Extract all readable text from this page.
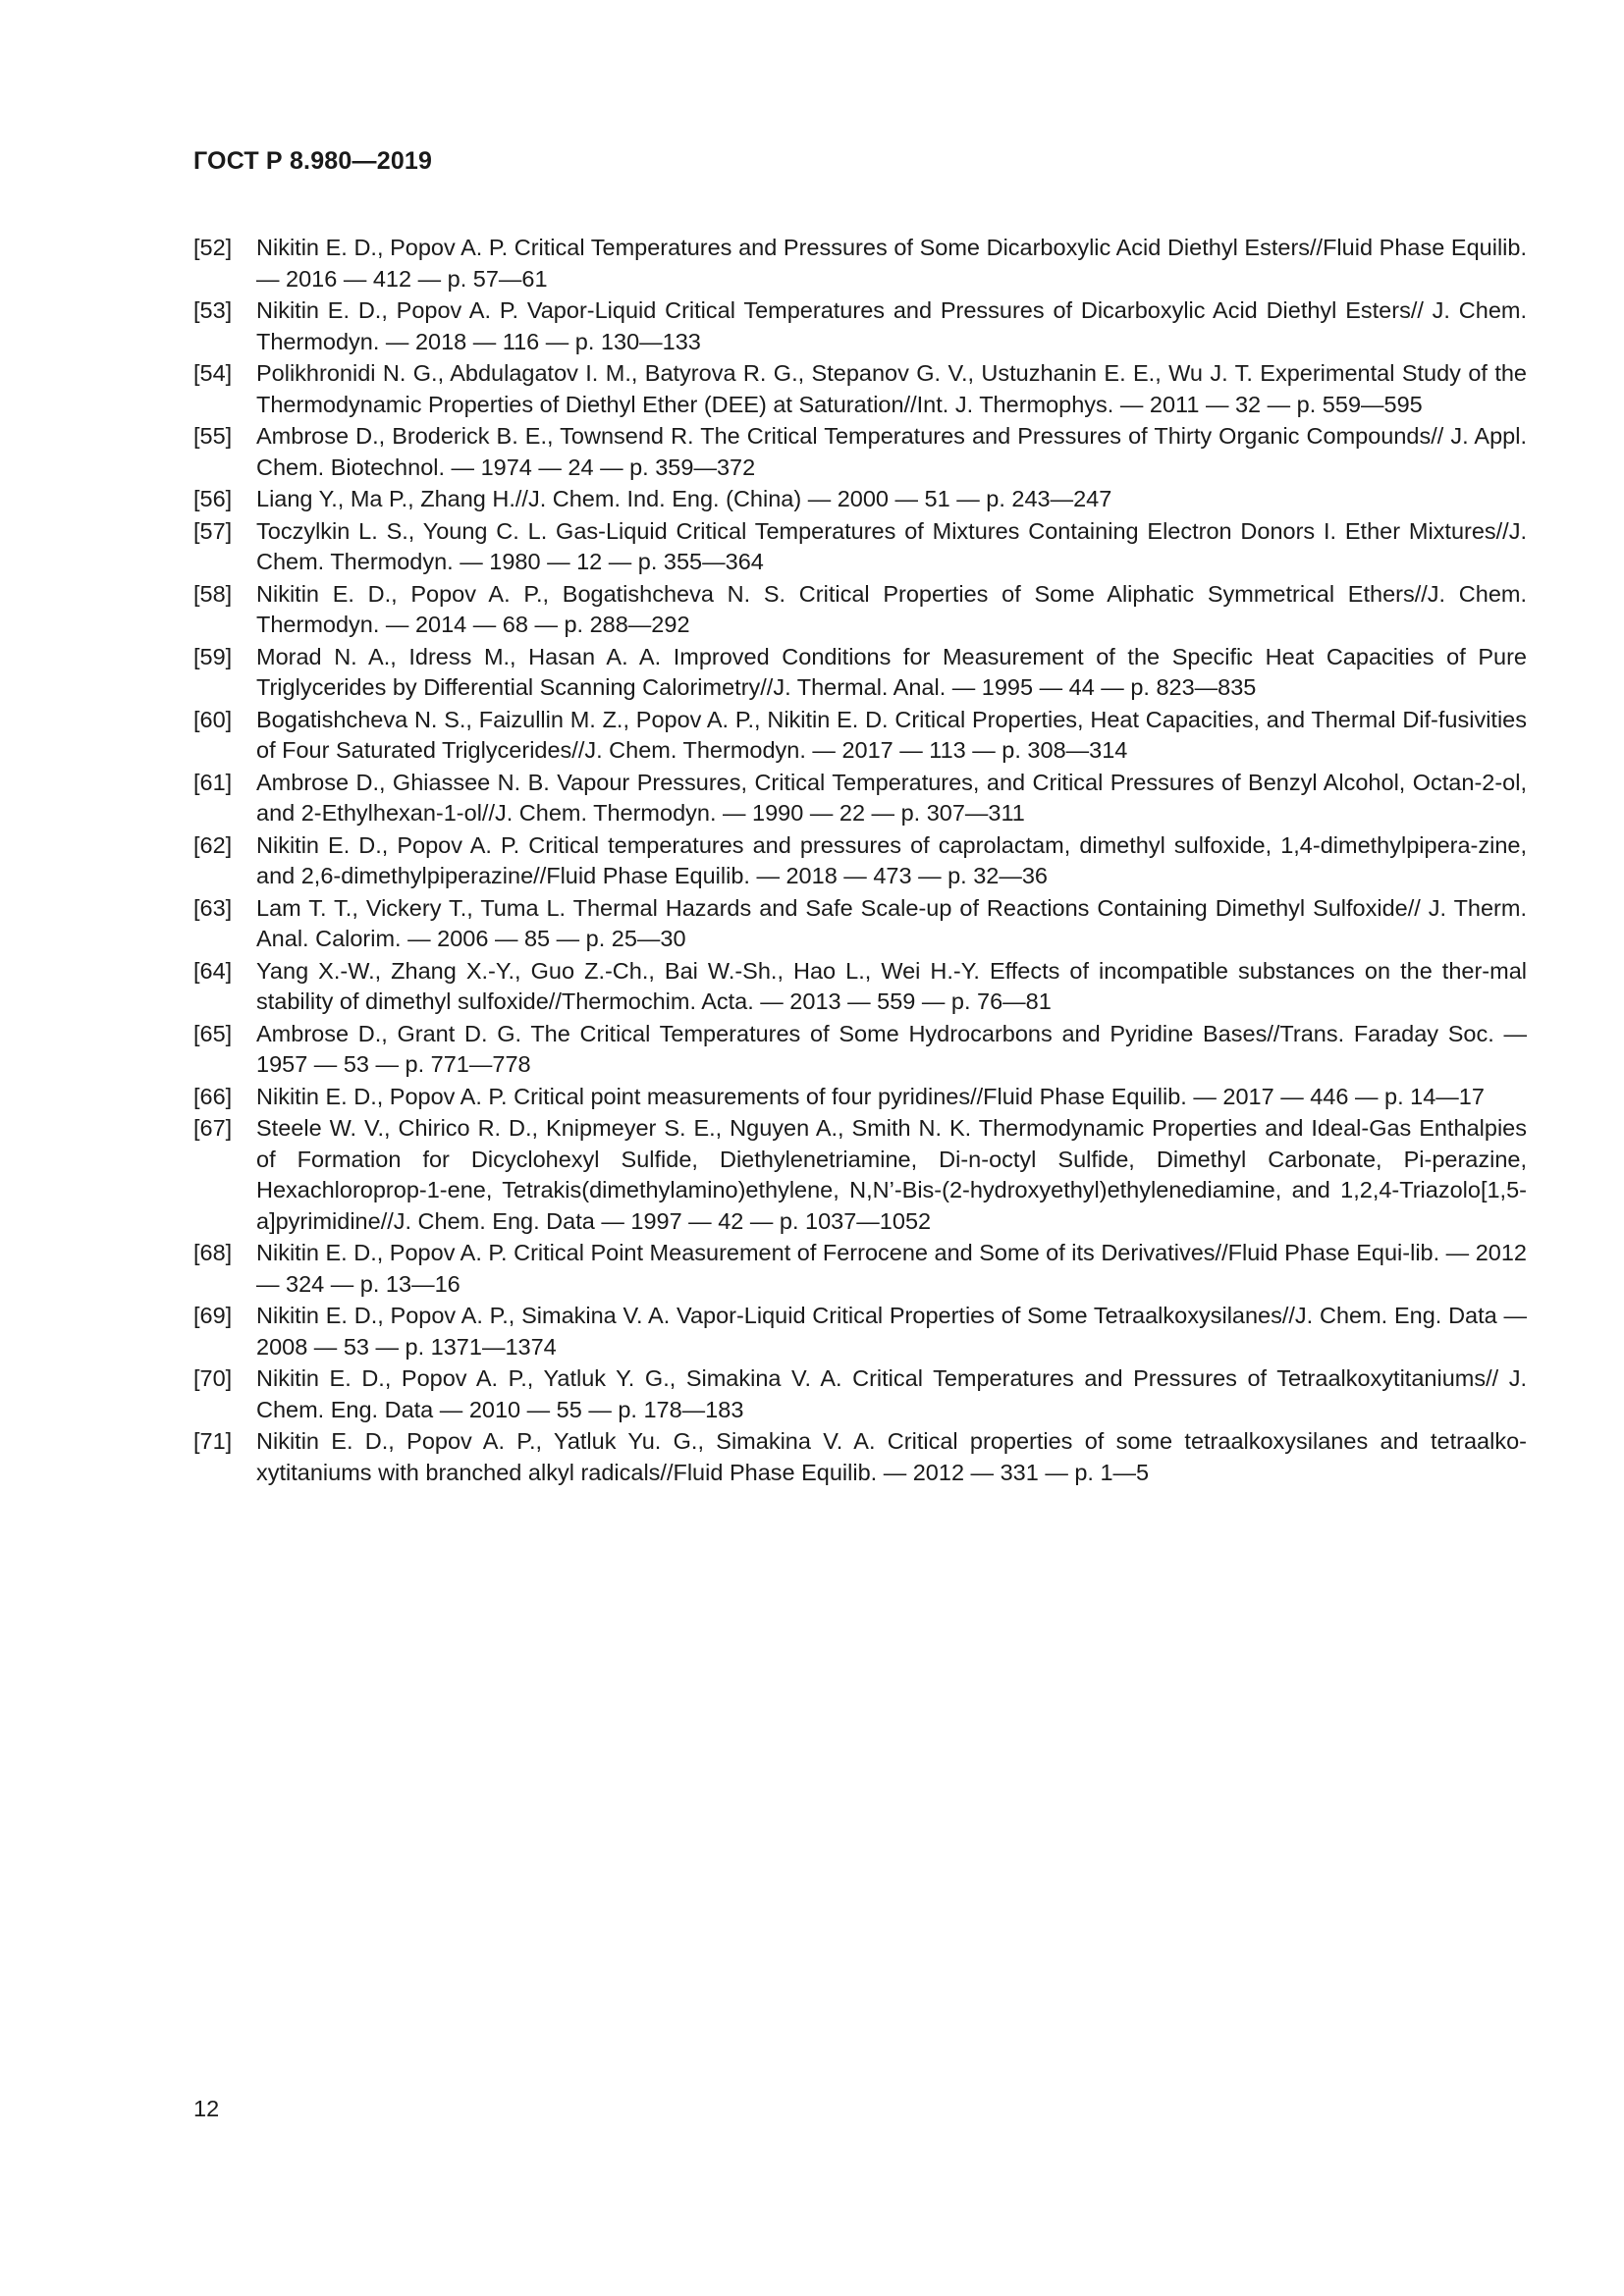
ГОСТ Р 8.980—2019
[52]	Nikitin E. D., Popov A. P. Critical Temperatures and Pressures of Some Dicarboxylic Acid Diethyl Esters//Fluid Phase Equilib. — 2016 — 412 — p. 57—61
[53]	Nikitin E. D., Popov A. P. Vapor-Liquid Critical Temperatures and Pressures of Dicarboxylic Acid Diethyl Esters// J. Chem. Thermodyn. — 2018 — 116 — p. 130—133
[54]	Polikhronidi N. G., Abdulagatov I. M., Batyrova R. G., Stepanov G. V., Ustuzhanin E. E., Wu J. T. Experimental Study of the Thermodynamic Properties of Diethyl Ether (DEE) at Saturation//Int. J. Thermophys. — 2011 — 32 — p. 559—595
[55]	Ambrose D., Broderick B. E., Townsend R. The Critical Temperatures and Pressures of Thirty Organic Compounds// J. Appl. Chem. Biotechnol. — 1974 — 24 — p. 359—372
[56]	Liang Y., Ma P., Zhang H.//J. Chem. Ind. Eng. (China) — 2000 — 51 — p. 243—247
[57]	Toczylkin L. S., Young C. L. Gas-Liquid Critical Temperatures of Mixtures Containing Electron Donors I. Ether Mixtures//J. Chem. Thermodyn. — 1980 — 12 — p. 355—364
[58]	Nikitin E. D., Popov A. P., Bogatishcheva N. S. Critical Properties of Some Aliphatic Symmetrical Ethers//J. Chem. Thermodyn. — 2014 — 68 — p. 288—292
[59]	Morad N. A., Idress M., Hasan A. A. Improved Conditions for Measurement of the Specific Heat Capacities of Pure Triglycerides by Differential Scanning Calorimetry//J. Thermal. Anal. — 1995 — 44 — p. 823—835
[60]	Bogatishcheva N. S., Faizullin M. Z., Popov A. P., Nikitin E. D. Critical Properties, Heat Capacities, and Thermal Dif-fusivities of Four Saturated Triglycerides//J. Chem. Thermodyn. — 2017 — 113 — p. 308—314
[61]	Ambrose D., Ghiassee N. B. Vapour Pressures, Critical Temperatures, and Critical Pressures of Benzyl Alcohol, Octan-2-ol, and 2-Ethylhexan-1-ol//J. Chem. Thermodyn. — 1990 — 22 — p. 307—311
[62]	Nikitin E. D., Popov A. P. Critical temperatures and pressures of caprolactam, dimethyl sulfoxide, 1,4-dimethylpipera-zine, and 2,6-dimethylpiperazine//Fluid Phase Equilib. — 2018 — 473 — p. 32—36
[63]	Lam T. T., Vickery T., Tuma L. Thermal Hazards and Safe Scale-up of Reactions Containing Dimethyl Sulfoxide// J. Therm. Anal. Calorim. — 2006 — 85 — p. 25—30
[64]	Yang X.-W., Zhang X.-Y., Guo Z.-Ch., Bai W.-Sh., Hao L., Wei H.-Y. Effects of incompatible substances on the ther-mal stability of dimethyl sulfoxide//Thermochim. Acta. — 2013 — 559 — p. 76—81
[65]	Ambrose D., Grant D. G. The Critical Temperatures of Some Hydrocarbons and Pyridine Bases//Trans. Faraday Soc. — 1957 — 53 — p. 771—778
[66]	Nikitin E. D., Popov A. P. Critical point measurements of four pyridines//Fluid Phase Equilib. — 2017 — 446 — p. 14—17
[67]	Steele W. V., Chirico R. D., Knipmeyer S. E., Nguyen A., Smith N. K. Thermodynamic Properties and Ideal-Gas Enthalpies of Formation for Dicyclohexyl Sulfide, Diethylenetriamine, Di-n-octyl Sulfide, Dimethyl Carbonate, Pi-perazine, Hexachloroprop-1-ene, Tetrakis(dimethylamino)ethylene, N,N’-Bis-(2-hydroxyethyl)ethylenediamine, and 1,2,4-Triazolo[1,5-a]pyrimidine//J. Chem. Eng. Data — 1997 — 42 — p. 1037—1052
[68]	Nikitin E. D., Popov A. P. Critical Point Measurement of Ferrocene and Some of its Derivatives//Fluid Phase Equi-lib. — 2012 — 324 — p. 13—16
[69]	Nikitin E. D., Popov A. P., Simakina V. A. Vapor-Liquid Critical Properties of Some Tetraalkoxysilanes//J. Chem. Eng. Data — 2008 — 53 — p. 1371—1374
[70]	Nikitin E. D., Popov A. P., Yatluk Y. G., Simakina V. A. Critical Temperatures and Pressures of Tetraalkoxytitaniums// J. Chem. Eng. Data — 2010 — 55 — p. 178—183
[71]	Nikitin E. D., Popov A. P., Yatluk Yu. G., Simakina V. A. Critical properties of some tetraalkoxysilanes and tetraalko-xytitaniums with branched alkyl radicals//Fluid Phase Equilib. — 2012 — 331 — p. 1—5
12
